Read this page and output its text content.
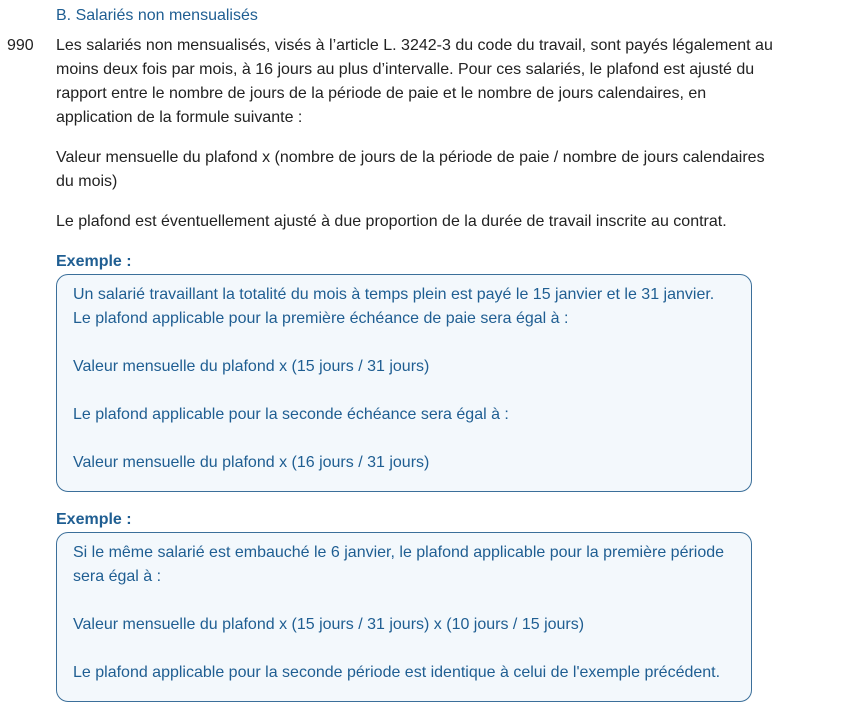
B. Salariés non mensualisés
990 Les salariés non mensualisés, visés à l’article L. 3242-3 du code du travail, sont payés légalement au moins deux fois par mois, à 16 jours au plus d’intervalle. Pour ces salariés, le plafond est ajusté du rapport entre le nombre de jours de la période de paie et le nombre de jours calendaires, en application de la formule suivante :
Valeur mensuelle du plafond x (nombre de jours de la période de paie / nombre de jours calendaires du mois)
Le plafond est éventuellement ajusté à due proportion de la durée de travail inscrite au contrat.
Exemple :

Un salarié travaillant la totalité du mois à temps plein est payé le 15 janvier et le 31 janvier. Le plafond applicable pour la première échéance de paie sera égal à :

Valeur mensuelle du plafond x (15 jours / 31 jours)

Le plafond applicable pour la seconde échéance sera égal à :

Valeur mensuelle du plafond x (16 jours / 31 jours)

Exemple :

Si le même salarié est embauché le 6 janvier, le plafond applicable pour la première période sera égal à :

Valeur mensuelle du plafond x (15 jours / 31 jours) x (10 jours / 15 jours)

Le plafond applicable pour la seconde période est identique à celui de l'exemple précédent.
